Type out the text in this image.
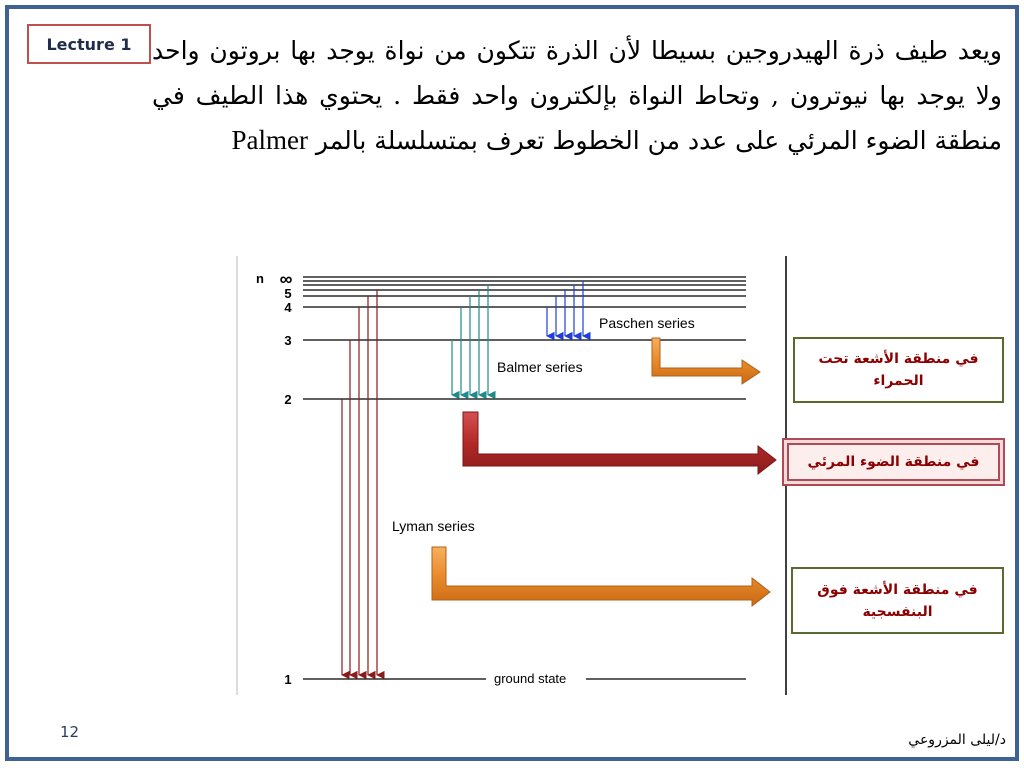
Lecture 1 ويعد طيف ذرة الهيدروجين بسيطا لأن الذرة تتكون من نواة يوجد بها بروتون واحد ولا يوجد بها نيوترون , وتحاط النواة بإلكترون واحد فقط . يحتوي هذا الطيف في منطقة الضوء المرئي على عدد من الخطوط تعرف بمتسلسلة بالمر Palmer
n ∞
5
4
3
2
1
Paschen series
Balmer series
Lyman series
ground state
في منطقة الأشعة تحت الحمراء
في منطقة الضوء المرئي
في منطقة الأشعة فوق البنفسجية
12	د/ليلى المزروعي
